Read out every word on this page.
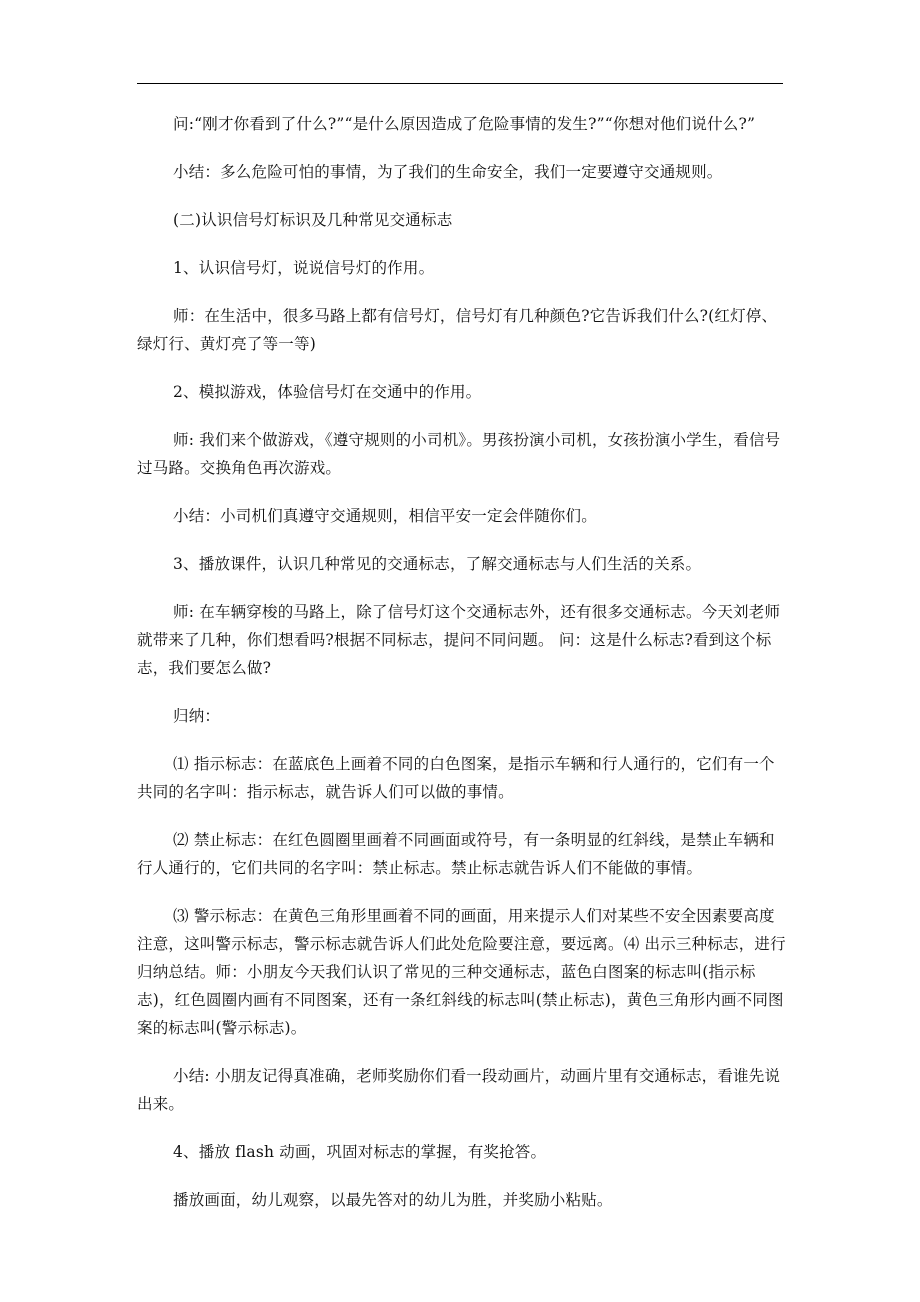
问:“刚才你看到了什么?”“是什么原因造成了危险事情的发生?”“你想对他们说什么?”

小结：多么危险可怕的事情，为了我们的生命安全，我们一定要遵守交通规则。

(二)认识信号灯标识及几种常见交通标志

1、认识信号灯，说说信号灯的作用。

师：在生活中，很多马路上都有信号灯，信号灯有几种颜色?它告诉我们什么?(红灯停、绿灯行、黄灯亮了等一等)

2、模拟游戏，体验信号灯在交通中的作用。

师: 我们来个做游戏，《遵守规则的小司机》。男孩扮演小司机，女孩扮演小学生，看信号过马路。交换角色再次游戏。

小结：小司机们真遵守交通规则，相信平安一定会伴随你们。

3、播放课件，认识几种常见的交通标志，了解交通标志与人们生活的关系。

师: 在车辆穿梭的马路上，除了信号灯这个交通标志外，还有很多交通标志。今天刘老师就带来了几种，你们想看吗?根据不同标志，提问不同问题。 问：这是什么标志?看到这个标志，我们要怎么做?

归纳：

⑴ 指示标志：在蓝底色上画着不同的白色图案，是指示车辆和行人通行的，它们有一个共同的名字叫：指示标志，就告诉人们可以做的事情。

⑵ 禁止标志：在红色圆圈里画着不同画面或符号，有一条明显的红斜线，是禁止车辆和行人通行的，它们共同的名字叫：禁止标志。禁止标志就告诉人们不能做的事情。

⑶ 警示标志：在黄色三角形里画着不同的画面，用来提示人们对某些不安全因素要高度注意，这叫警示标志，警示标志就告诉人们此处危险要注意，要远离。⑷ 出示三种标志，进行归纳总结。师：小朋友今天我们认识了常见的三种交通标志，蓝色白图案的标志叫(指示标志)，红色圆圈内画有不同图案，还有一条红斜线的标志叫(禁止标志)，黄色三角形内画不同图案的标志叫(警示标志)。

小结: 小朋友记得真准确，老师奖励你们看一段动画片，动画片里有交通标志，看谁先说出来。

4、播放 flash 动画，巩固对标志的掌握，有奖抢答。

播放画面，幼儿观察，以最先答对的幼儿为胜，并奖励小粘贴。
